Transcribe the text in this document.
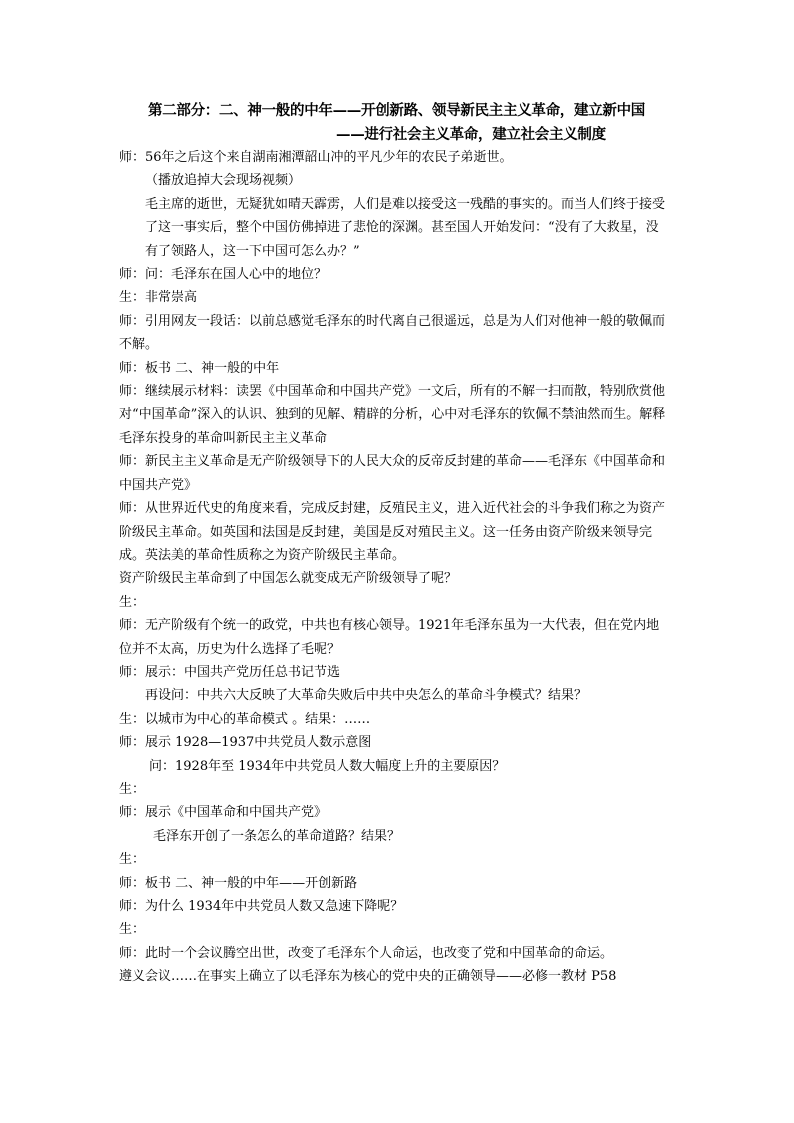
第二部分：二、神一般的中年——开创新路、领导新民主主义革命，建立新中国
——进行社会主义革命，建立社会主义制度

师：56年之后这个来自湖南湘潭韶山冲的平凡少年的农民子弟逝世。

（播放追掉大会现场视频）

毛主席的逝世，无疑犹如晴天霹雳，人们是难以接受这一残酷的事实的。而当人们终于接受了这一事实后，整个中国仿佛掉进了悲怆的深渊。甚至国人开始发问：“没有了大救星，没有了领路人，这一下中国可怎么办？”

师：问：毛泽东在国人心中的地位？

生：非常崇高

师：引用网友一段话：以前总感觉毛泽东的时代离自己很遥远，总是为人们对他神一般的敬佩而不解。

师：板书 二、神一般的中年

师：继续展示材料：读罢《中国革命和中国共产党》一文后，所有的不解一扫而散，特别欣赏他对“中国革命”深入的认识、独到的见解、精辟的分析，心中对毛泽东的钦佩不禁油然而生。解释毛泽东投身的革命叫新民主主义革命

师：新民主主义革命是无产阶级领导下的人民大众的反帝反封建的革命——毛泽东《中国革命和中国共产党》

师：从世界近代史的角度来看，完成反封建，反殖民主义，进入近代社会的斗争我们称之为资产阶级民主革命。如英国和法国是反封建，美国是反对殖民主义。这一任务由资产阶级来领导完成。英法美的革命性质称之为资产阶级民主革命。

资产阶级民主革命到了中国怎么就变成无产阶级领导了呢？

生：

师：无产阶级有个统一的政党，中共也有核心领导。1921年毛泽东虽为一大代表，但在党内地位并不太高，历史为什么选择了毛呢？

师：展示：中国共产党历任总书记节选

再设问：中共六大反映了大革命失败后中共中央怎么的革命斗争模式？结果？

生：以城市为中心的革命模式 。结果：……

师：展示 1928—1937中共党员人数示意图

问：1928年至 1934年中共党员人数大幅度上升的主要原因？

生：

师：展示《中国革命和中国共产党》

毛泽东开创了一条怎么的革命道路？结果？

生：

师：板书 二、神一般的中年——开创新路

师：为什么 1934年中共党员人数又急速下降呢？

生：

师：此时一个会议腾空出世，改变了毛泽东个人命运，也改变了党和中国革命的命运。

遵义会议……在事实上确立了以毛泽东为核心的党中央的正确领导——必修一教材 P58
